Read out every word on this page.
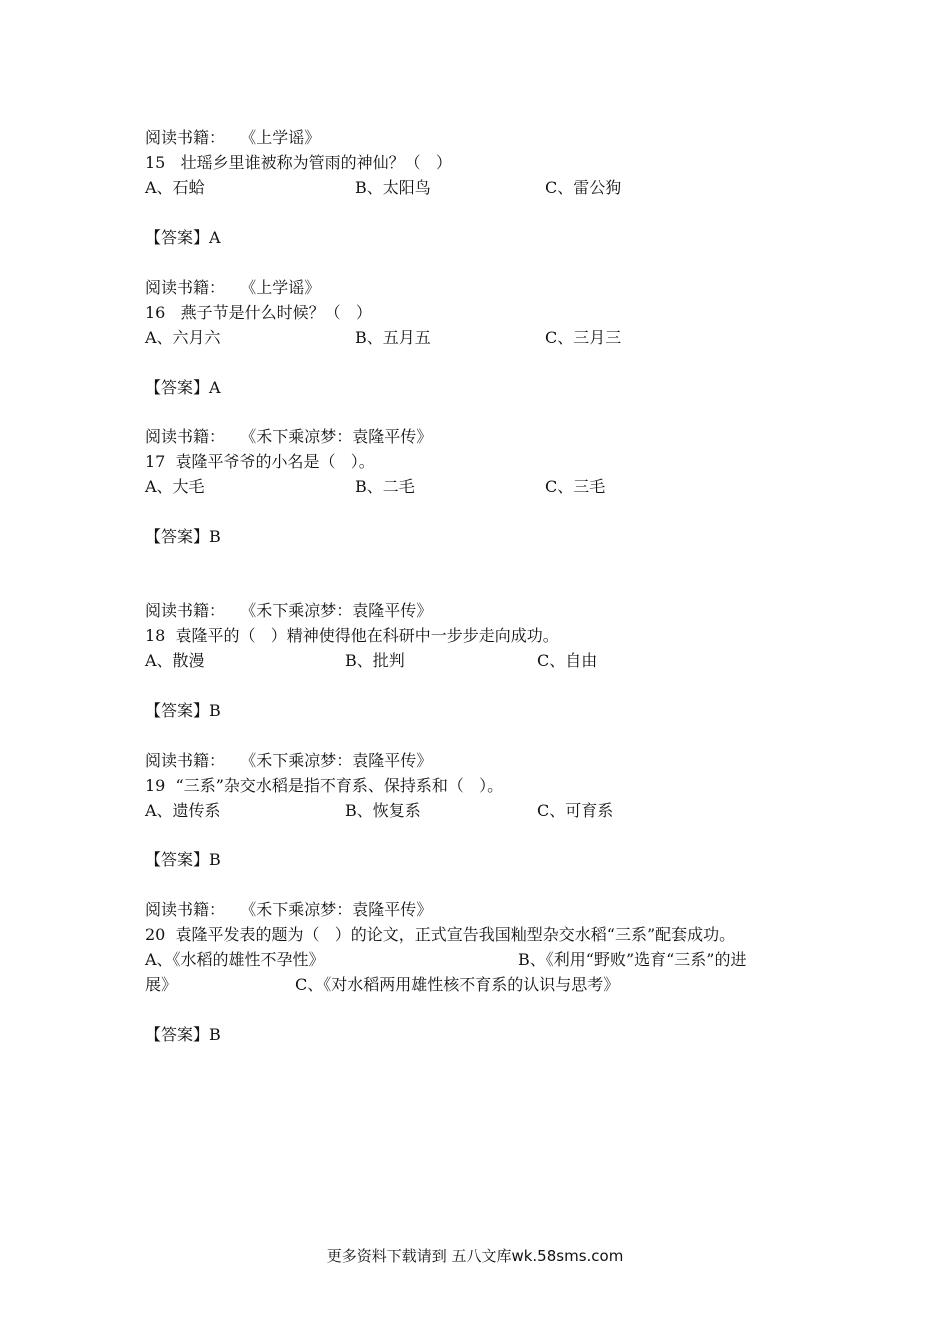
阅读书籍：   《上学谣》
15   壮瑶乡里谁被称为管雨的神仙？（   ）
A、石蛤	B、太阳鸟	C、雷公狗
【答案】A
阅读书籍：   《上学谣》
16   燕子节是什么时候？（   ）
A、六月六	B、五月五	C、三月三
【答案】A
阅读书籍：   《禾下乘凉梦：袁隆平传》
17  袁隆平爷爷的小名是（   ）。
A、大毛	B、二毛	C、三毛
【答案】B
阅读书籍：   《禾下乘凉梦：袁隆平传》
18  袁隆平的（   ）精神使得他在科研中一步步走向成功。
A、散漫	B、批判	C、自由
【答案】B
阅读书籍：   《禾下乘凉梦：袁隆平传》
19  “三系”杂交水稻是指不育系、保持系和（   ）。
A、遗传系	B、恢复系	C、可育系
【答案】B
阅读书籍：   《禾下乘凉梦：袁隆平传》
20  袁隆平发表的题为（   ）的论文，正式宣告我国籼型杂交水稻“三系”配套成功。
A、《水稻的雄性不孕性》	B、《利用“野败”选育“三系”的进
展》	C、《对水稻两用雄性核不育系的认识与思考》
【答案】B
更多资料下载请到 五八文库wk.58sms.com
